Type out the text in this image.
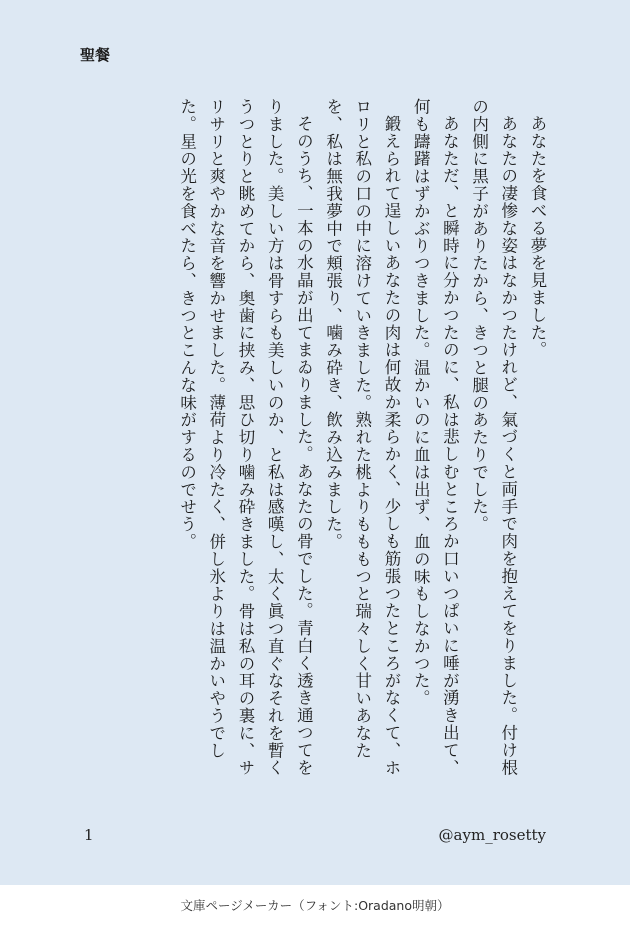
聖餐

あなたを食べる夢を見ました。

あなたの凄惨な姿はなかつたけれど、氣づくと両手で肉を抱えてをりました。付け根の内側に黒子がありたから、きつと腿のあたりでした。

あなただ、と瞬時に分かつたのに、私は悲しむところか口いつぱいに唾が湧き出て、何も躊躇はずかぶりつきました。温かいのに血は出ず、血の味もしなかつた。

鍛えられて逞しいあなたの肉は何故か柔らかく、少しも筋張つたところがなくて、ホロリと私の口の中に溶けていきました。熟れた桃よりもももつと瑞々しく甘いあなたを、私は無我夢中で頬張り、噛み砕き、飲み込みました。

そのうち、一本の水晶が出てまゐりました。あなたの骨でした。青白く透き通つてをりました。美しい方は骨すらも美しいのか、と私は感嘆し、太く眞つ直ぐなそれを暫くうつとりと眺めてから、奥歯に挟み、思ひ切り噛み砕きました。骨は私の耳の裏に、サリサリと爽やかな音を響かせました。薄荷より冷たく、併し氷よりは温かいやうでした。星の光を食べたら、きつとこんな味がするのでせう。

1	@aym_rosetty
文庫ページメーカー（フォント:Oradano明朝）
